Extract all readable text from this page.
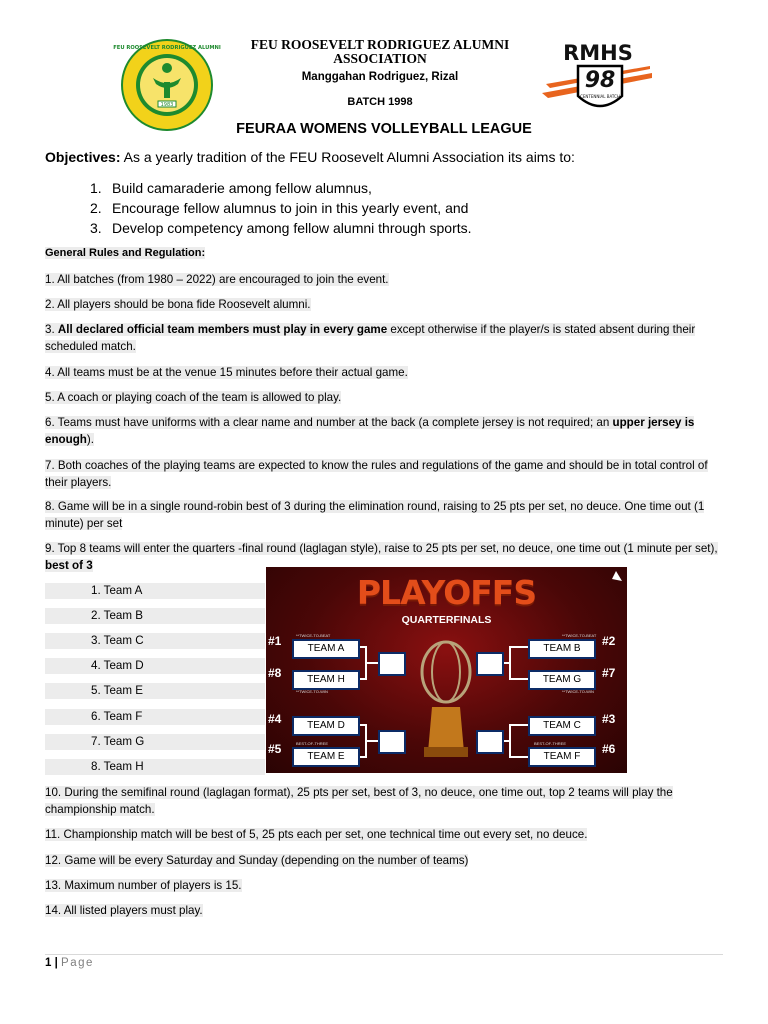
1983
FEU ROOSEVELT RODRIGUEZ ALUMNI	FEU ROOSEVELT RODRIGUEZ ALUMNI
ASSOCIATION
Manggahan Rodriguez, Rizal
BATCH 1998
RMHS
98
CENTENNIAL BATCH
FEURAA WOMENS VOLLEYBALL LEAGUE
Objectives: As a yearly tradition of the FEU Roosevelt Alumni Association its aims to:
1. Build camaraderie among fellow alumnus,
2. Encourage fellow alumnus to join in this yearly event, and
3. Develop competency among fellow alumni through sports.
General Rules and Regulation:
1. All batches (from 1980 – 2022) are encouraged to join the event.
2. All players should be bona fide Roosevelt alumni.
3. All declared official team members must play in every game except otherwise if the player/s is stated absent during their scheduled match.
4. All teams must be at the venue 15 minutes before their actual game.
5. A coach or playing coach of the team is allowed to play.
6. Teams must have uniforms with a clear name and number at the back (a complete jersey is not required; an upper jersey is enough).
7. Both coaches of the playing teams are expected to know the rules and regulations of the game and should be in total control of their players.
8. Game will be in a single round-robin best of 3 during the elimination round, raising to 25 pts per set, no deuce. One time out (1 minute) per set
9. Top 8 teams will enter the quarters -final round (laglagan style), raise to 25 pts per set, no deuce, one time out (1 minute per set), best of 3
1. Team A
2. Team B
3. Team C
4. Team D
5. Team E
6. Team F
7. Team G
8. Team H
PLAYOFFS
QUARTERFINALS
#1
TEAM A
#8	TEAM H
#4	TEAM D
#5
TEAM E
TEAM B
#2
TEAM G	#7
TEAM C	#3
TEAM F
#6
**TWICE-TO-BEAT
**TWICE-TO-WIN
BEST-OF-THREE
**TWICE-TO-BEAT
**TWICE-TO-WIN
BEST-OF-THREE
10. During the semifinal round (laglagan format), 25 pts per set, best of 3, no deuce, one time out, top 2 teams will play the championship match.
11. Championship match will be best of 5, 25 pts each per set, one technical time out every set, no deuce.
12. Game will be every Saturday and Sunday (depending on the number of teams)
13. Maximum number of players is 15.
14. All listed players must play.
1 | Page
